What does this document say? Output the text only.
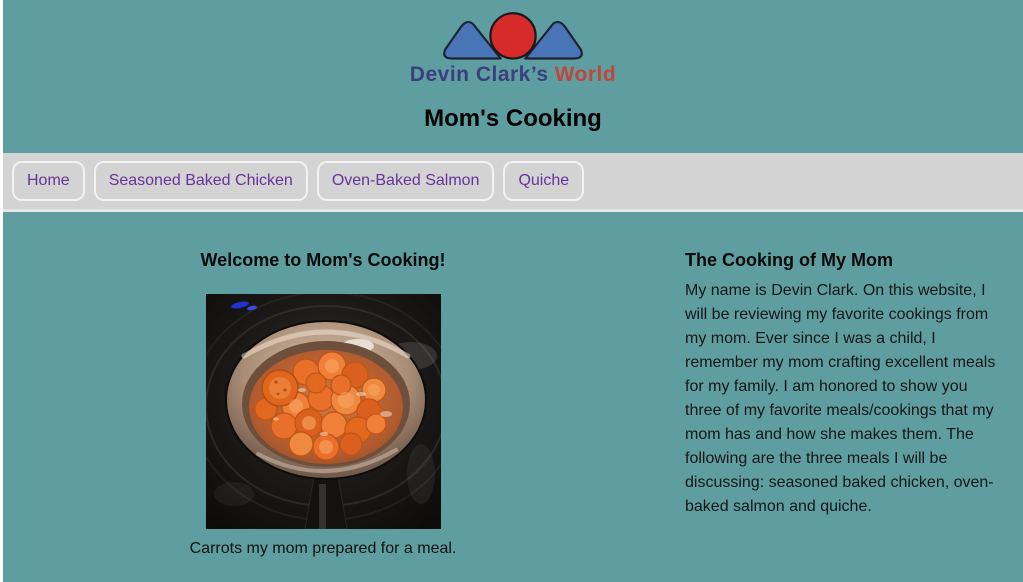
Devin Clark’s World
Mom's Cooking
Home	Seasoned Baked Chicken	Oven-Baked Salmon	Quiche
Welcome to Mom's Cooking!
Carrots my mom prepared for a meal.
The Cooking of My Mom

My name is Devin Clark. On this website, I will be reviewing my favorite cookings from my mom. Ever since I was a child, I remember my mom crafting excellent meals for my family. I am honored to show you three of my favorite meals/cookings that my mom has and how she makes them. The following are the three meals I will be discussing: seasoned baked chicken, oven-baked salmon and quiche.
